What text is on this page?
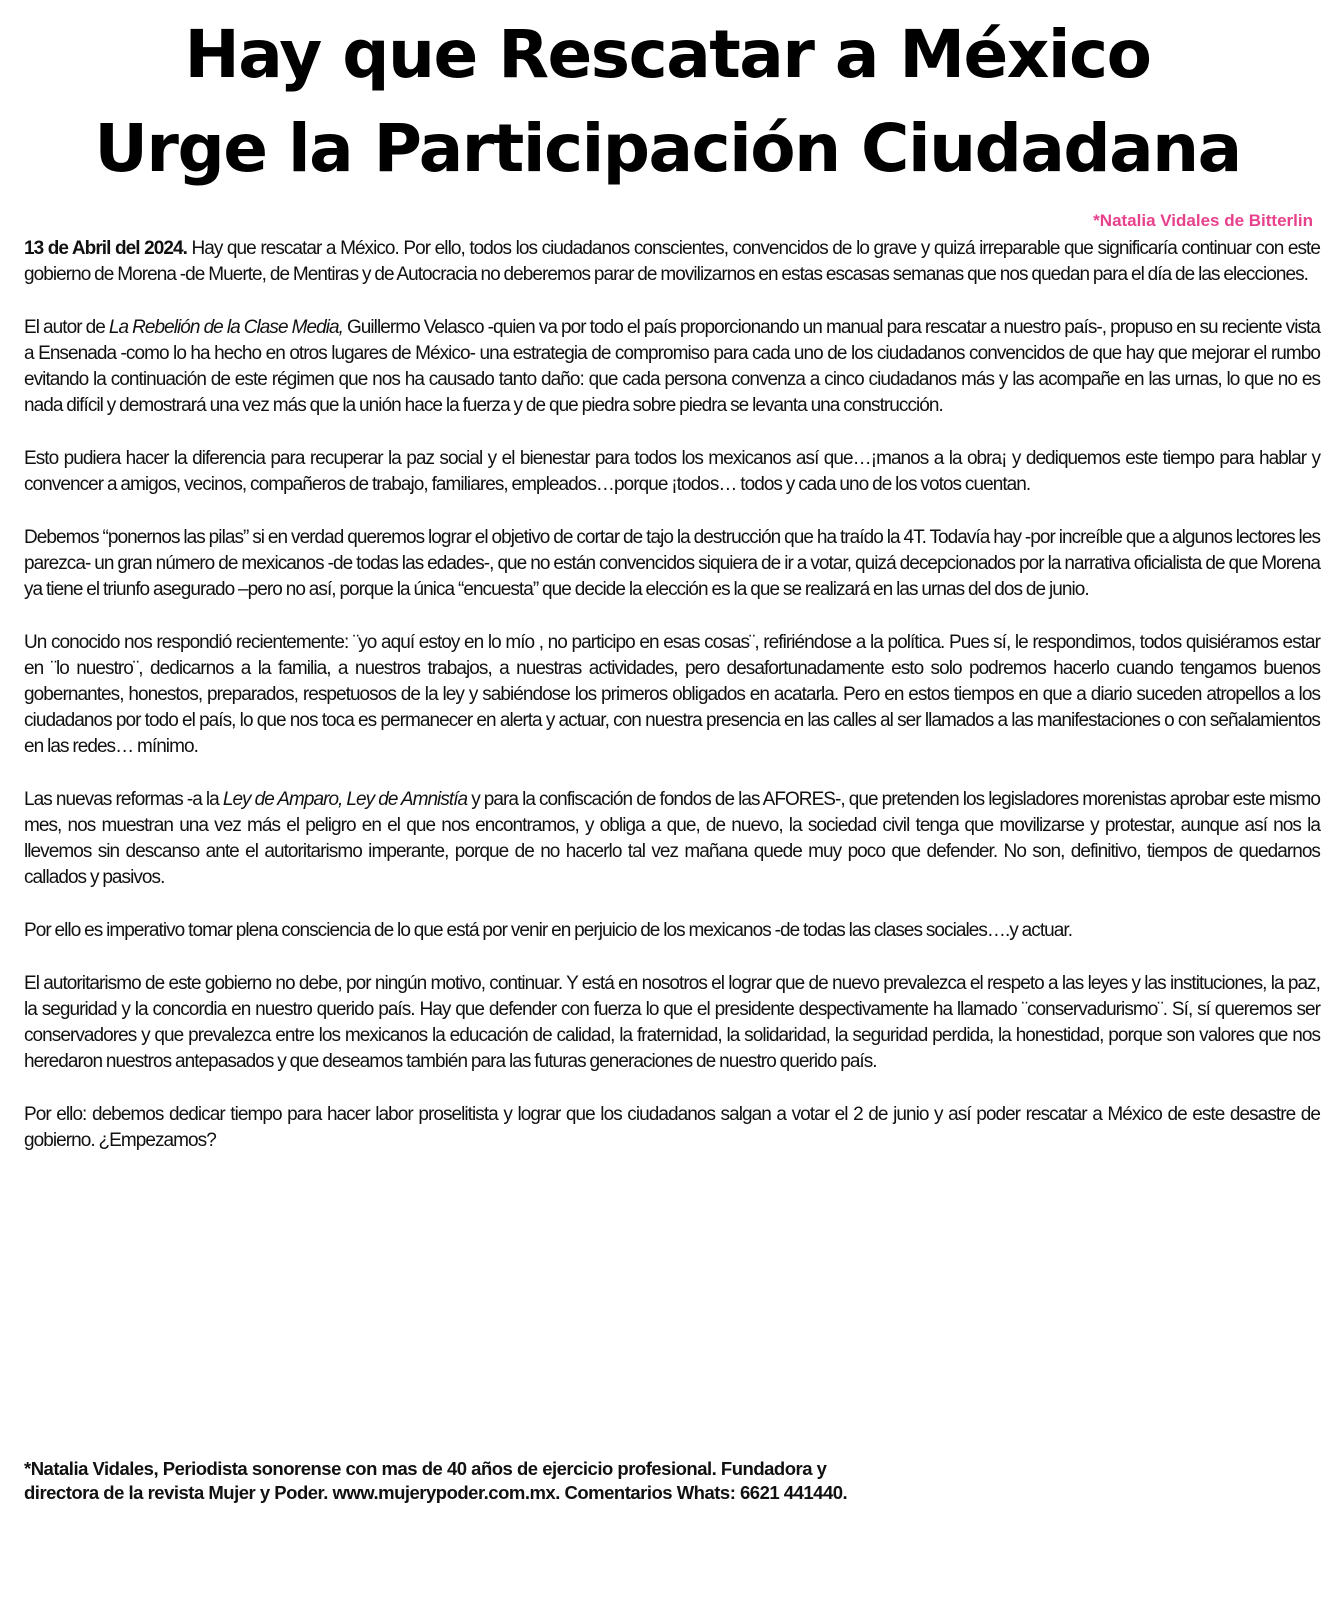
Hay que Rescatar a México
Urge la Participación Ciudadana
*Natalia Vidales de Bitterlin

13 de Abril del 2024. Hay que rescatar a México. Por ello, todos los ciudadanos conscientes, convencidos de lo grave y quizá irreparable que significaría continuar con este gobierno de Morena -de Muerte, de Mentiras y de Autocracia no deberemos parar de movilizarnos en estas escasas semanas que nos quedan para el día de las elecciones.

El autor de La Rebelión de la Clase Media, Guillermo Velasco -quien va por todo el país proporcionando un manual para rescatar a nuestro país-, propuso en su reciente vista a Ensenada -como lo ha hecho en otros lugares de México- una estrategia de compromiso para cada uno de los ciudadanos convencidos de que hay que mejorar el rumbo evitando la continuación de este régimen que nos ha causado tanto daño: que cada persona convenza a cinco ciudadanos más y las acompañe en las urnas, lo que no es nada difícil y demostrará una vez más que la unión hace la fuerza y de que piedra sobre piedra se levanta una construcción.

Esto pudiera hacer la diferencia para recuperar la paz social y el bienestar para todos los mexicanos así que…¡manos a la obra¡ y dediquemos este tiempo para hablar y convencer a amigos, vecinos, compañeros de trabajo, familiares, empleados…porque ¡todos… todos y cada uno de los votos cuentan.

Debemos “ponernos las pilas” si en verdad queremos lograr el objetivo de cortar de tajo la destrucción que ha traído la 4T. Todavía hay -por increíble que a algunos lectores les parezca- un gran número de mexicanos -de todas las edades-, que no están convencidos siquiera de ir a votar, quizá decepcionados por la narrativa oficialista de que Morena ya tiene el triunfo asegurado –pero no así, porque la única “encuesta” que decide la elección es la que se realizará en las urnas del dos de junio.

Un conocido nos respondió recientemente: ¨yo aquí estoy en lo mío , no participo en esas cosas¨, refiriéndose a la política. Pues sí, le respondimos, todos quisiéramos estar en ¨lo nuestro¨, dedicarnos a la familia, a nuestros trabajos, a nuestras actividades, pero desafortunadamente esto solo podremos hacerlo cuando tengamos buenos gobernantes, honestos, preparados, respetuosos de la ley y sabiéndose los primeros obligados en acatarla. Pero en estos tiempos en que a diario suceden atropellos a los ciudadanos por todo el país, lo que nos toca es permanecer en alerta y actuar, con nuestra presencia en las calles al ser llamados a las manifestaciones o con señalamientos en las redes… mínimo.

Las nuevas reformas -a la Ley de Amparo, Ley de Amnistía y para la confiscación de fondos de las AFORES-, que pretenden los legisladores morenistas aprobar este mismo mes, nos muestran una vez más el peligro en el que nos encontramos, y obliga a que, de nuevo, la sociedad civil tenga que movilizarse y protestar, aunque así nos la llevemos sin descanso ante el autoritarismo imperante, porque de no hacerlo tal vez mañana quede muy poco que defender. No son, definitivo, tiempos de quedarnos callados y pasivos.

Por ello es imperativo tomar plena consciencia de lo que está por venir en perjuicio de los mexicanos -de todas las clases sociales….y actuar.

El autoritarismo de este gobierno no debe, por ningún motivo, continuar. Y está en nosotros el lograr que de nuevo prevalezca el respeto a las leyes y las instituciones, la paz, la seguridad y la concordia en nuestro querido país. Hay que defender con fuerza lo que el presidente despectivamente ha llamado ¨conservadurismo¨. Sí, sí queremos ser conservadores y que prevalezca entre los mexicanos la educación de calidad, la fraternidad, la solidaridad, la seguridad perdida, la honestidad, porque son valores que nos heredaron nuestros antepasados y que deseamos también para las futuras generaciones de nuestro querido país.

Por ello: debemos dedicar tiempo para hacer labor proselitista y lograr que los ciudadanos salgan a votar el 2 de junio y así poder rescatar a México de este desastre de gobierno. ¿Empezamos?

*Natalia Vidales, Periodista sonorense con mas de 40 años de ejercicio profesional. Fundadora y
directora de la revista Mujer y Poder. www.mujerypoder.com.mx. Comentarios Whats: 6621 441440.
